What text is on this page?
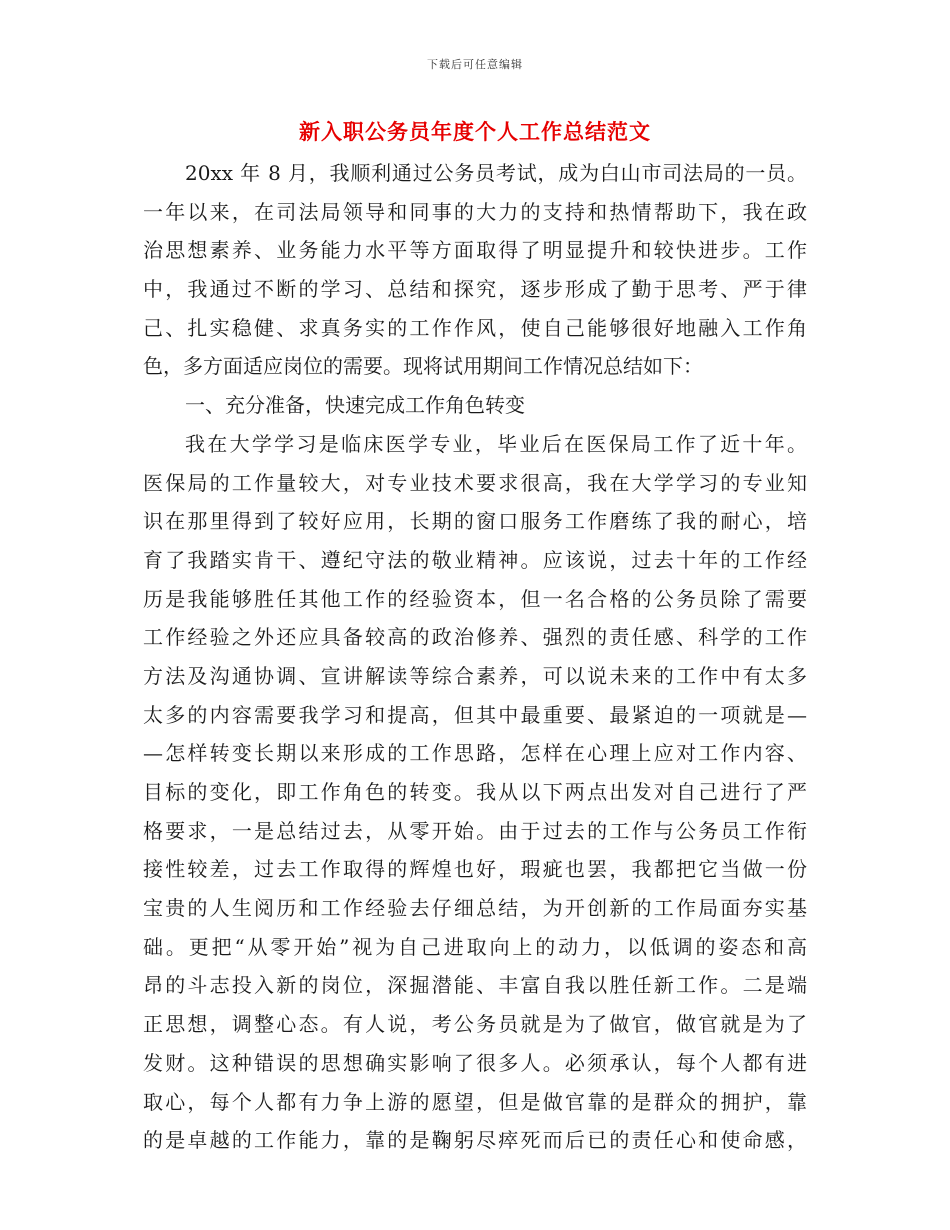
下载后可任意编辑
新入职公务员年度个人工作总结范文
20xx 年 8 月，我顺利通过公务员考试，成为白山市司法局的一员。
一年以来，在司法局领导和同事的大力的支持和热情帮助下，我在政
治思想素养、业务能力水平等方面取得了明显提升和较快进步。工作
中，我通过不断的学习、总结和探究，逐步形成了勤于思考、严于律
己、扎实稳健、求真务实的工作作风，使自己能够很好地融入工作角
色，多方面适应岗位的需要。现将试用期间工作情况总结如下：
一、充分准备，快速完成工作角色转变
我在大学学习是临床医学专业，毕业后在医保局工作了近十年。
医保局的工作量较大，对专业技术要求很高，我在大学学习的专业知
识在那里得到了较好应用，长期的窗口服务工作磨练了我的耐心，培
育了我踏实肯干、遵纪守法的敬业精神。应该说，过去十年的工作经
历是我能够胜任其他工作的经验资本，但一名合格的公务员除了需要
工作经验之外还应具备较高的政治修养、强烈的责任感、科学的工作
方法及沟通协调、宣讲解读等综合素养，可以说未来的工作中有太多
太多的内容需要我学习和提高，但其中最重要、最紧迫的一项就是—
—怎样转变长期以来形成的工作思路，怎样在心理上应对工作内容、
目标的变化，即工作角色的转变。我从以下两点出发对自己进行了严
格要求，一是总结过去，从零开始。由于过去的工作与公务员工作衔
接性较差，过去工作取得的辉煌也好，瑕疵也罢，我都把它当做一份
宝贵的人生阅历和工作经验去仔细总结，为开创新的工作局面夯实基
础。更把“从零开始”视为自己进取向上的动力，以低调的姿态和高
昂的斗志投入新的岗位，深掘潜能、丰富自我以胜任新工作。二是端
正思想，调整心态。有人说，考公务员就是为了做官，做官就是为了
发财。这种错误的思想确实影响了很多人。必须承认，每个人都有进
取心，每个人都有力争上游的愿望，但是做官靠的是群众的拥护，靠
的是卓越的工作能力，靠的是鞠躬尽瘁死而后已的责任心和使命感，
